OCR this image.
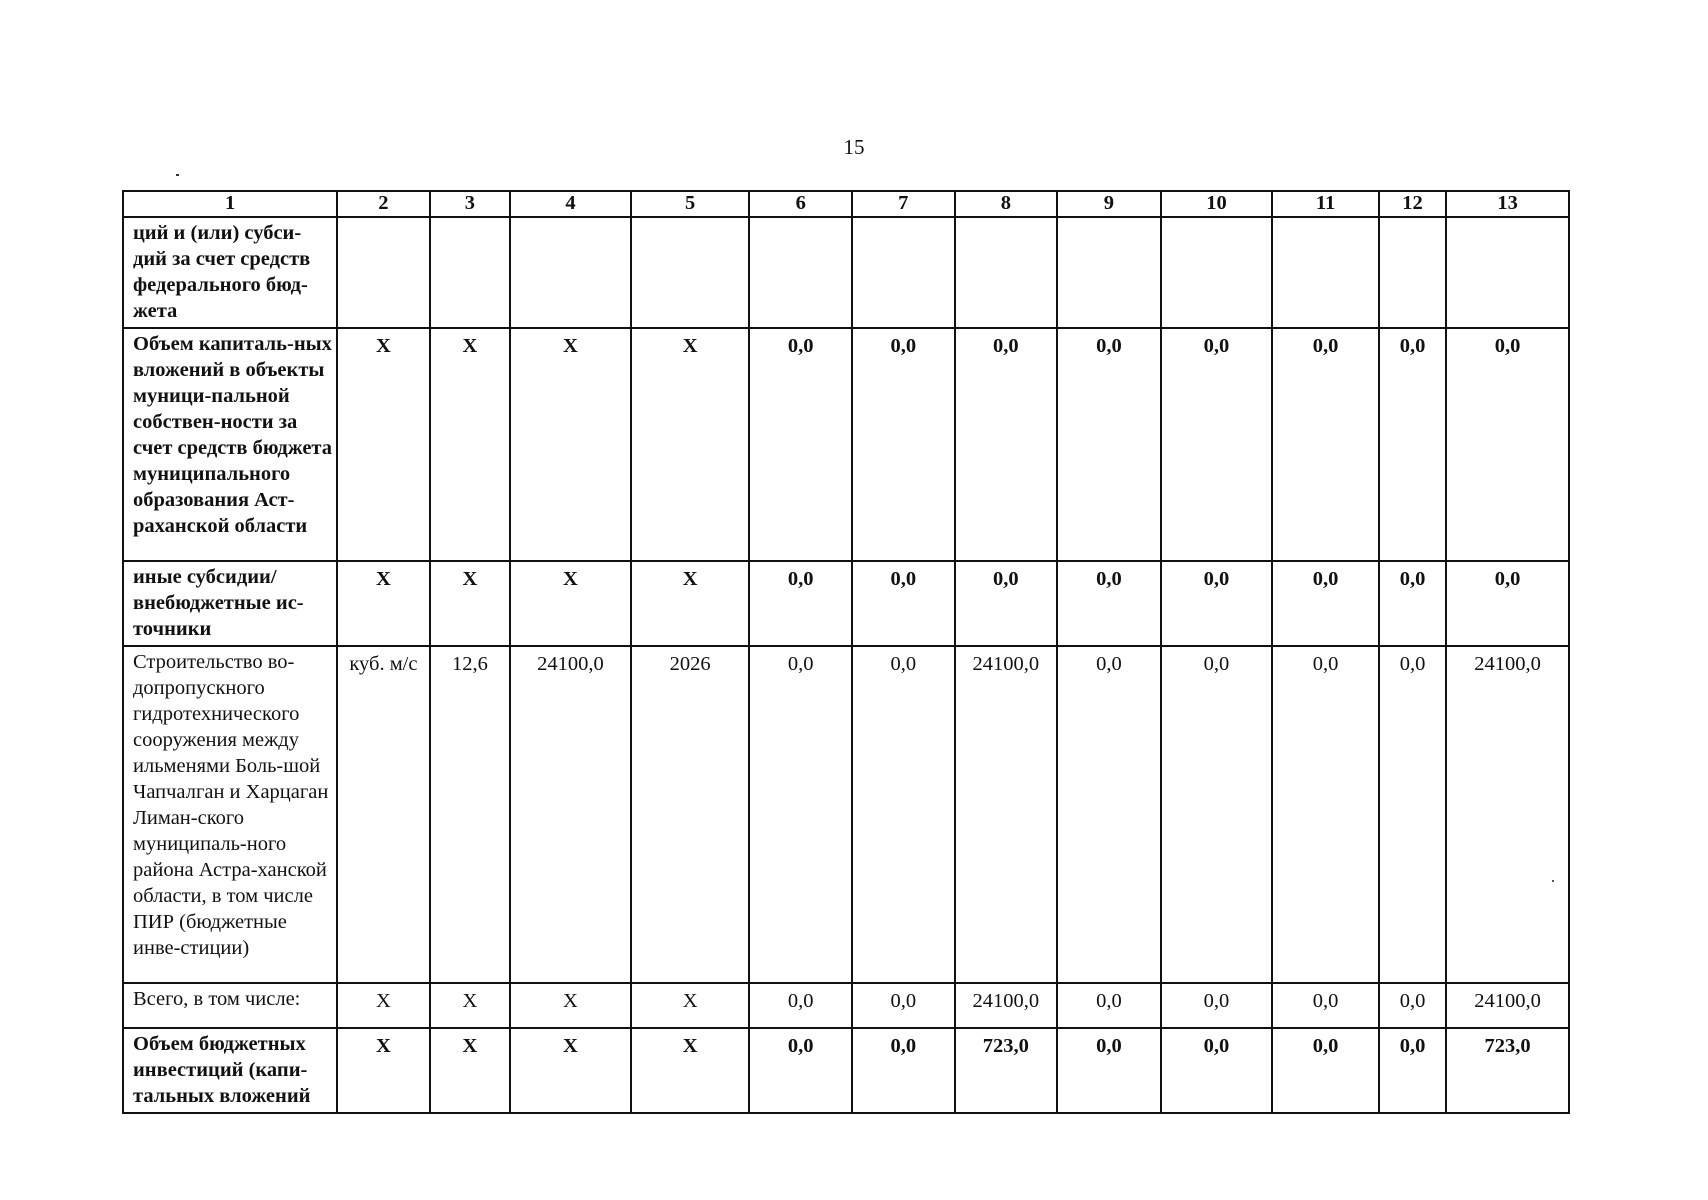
15
1	2	3	4	5	6	7	8	9	10	11	12	13
ций и (или) субси-дий за счет средств федерального бюд-жета												
Объем капиталь-ных вложений в объекты муници-пальной собствен-ности за счет средств бюджета муниципального образования Аст-раханской области	X	X	X	X	0,0	0,0	0,0	0,0	0,0	0,0	0,0	0,0
иные субсидии/ внебюджетные ис-точники	X	X	X	X	0,0	0,0	0,0	0,0	0,0	0,0	0,0	0,0
Строительство во-допропускного гидротехнического сооружения между ильменями Боль-шой Чапчалган и Харцаган Лиман-ского муниципаль-ного района Астра-ханской области, в том числе ПИР (бюджетные инве-стиции)	куб. м/с	12,6	24100,0	2026	0,0	0,0	24100,0	0,0	0,0	0,0	0,0	24100,0
Всего, в том числе:	X	X	X	X	0,0	0,0	24100,0	0,0	0,0	0,0	0,0	24100,0
Объем бюджетных инвестиций (капи-тальных вложений	X	X	X	X	0,0	0,0	723,0	0,0	0,0	0,0	0,0	723,0
